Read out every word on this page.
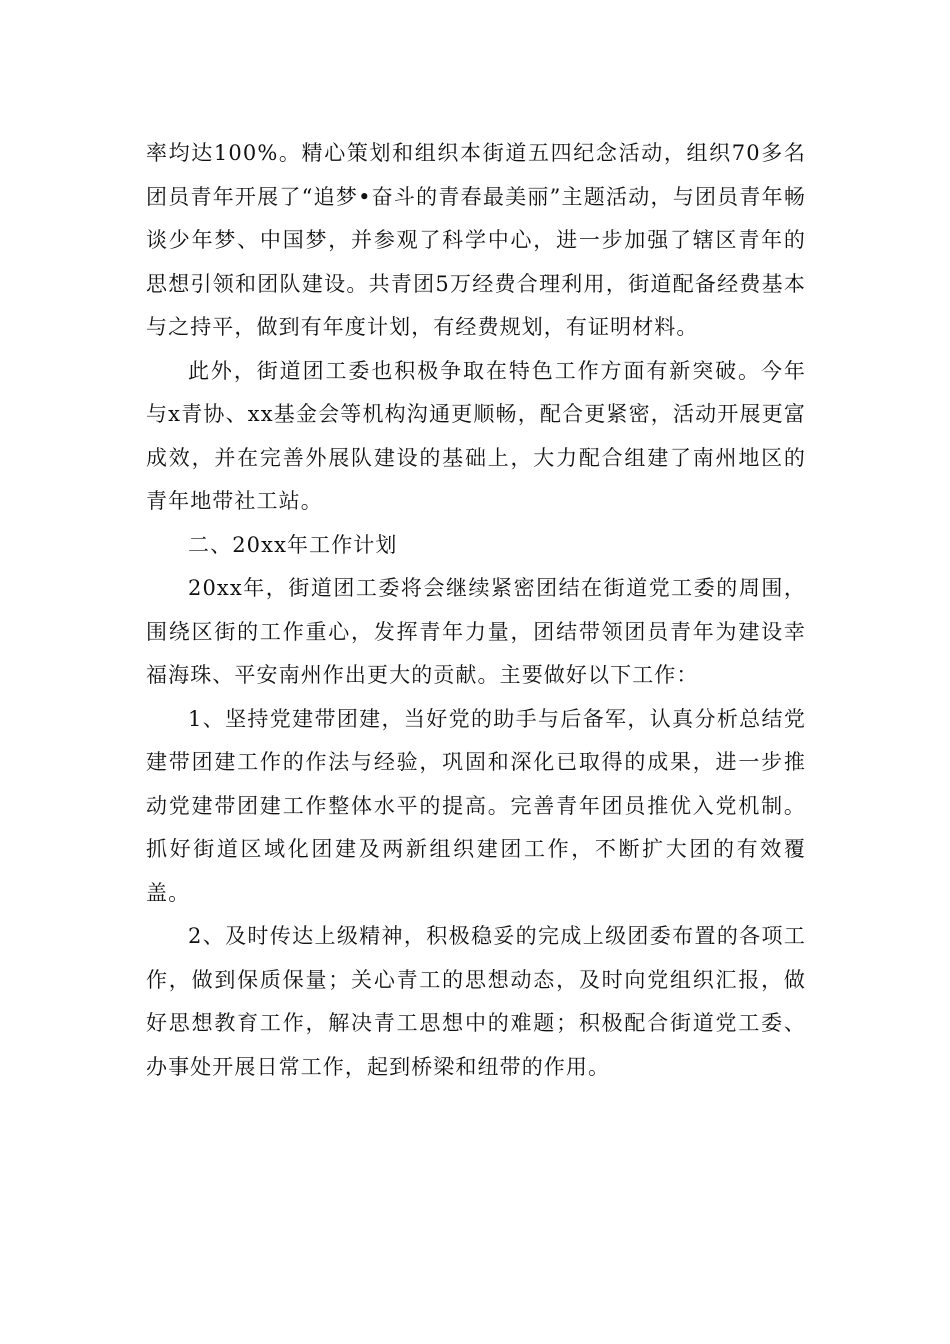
率均达100%。精心策划和组织本街道五四纪念活动，组织70多名团员青年开展了“追梦•奋斗的青春最美丽”主题活动，与团员青年畅谈少年梦、中国梦，并参观了科学中心，进一步加强了辖区青年的思想引领和团队建设。共青团5万经费合理利用，街道配备经费基本与之持平，做到有年度计划，有经费规划，有证明材料。

此外，街道团工委也积极争取在特色工作方面有新突破。今年与x青协、xx基金会等机构沟通更顺畅，配合更紧密，活动开展更富成效，并在完善外展队建设的基础上，大力配合组建了南州地区的青年地带社工站。

二、20xx年工作计划

20xx年，街道团工委将会继续紧密团结在街道党工委的周围，围绕区街的工作重心，发挥青年力量，团结带领团员青年为建设幸福海珠、平安南州作出更大的贡献。主要做好以下工作：

1、坚持党建带团建，当好党的助手与后备军，认真分析总结党建带团建工作的作法与经验，巩固和深化已取得的成果，进一步推动党建带团建工作整体水平的提高。完善青年团员推优入党机制。抓好街道区域化团建及两新组织建团工作，不断扩大团的有效覆盖。

2、及时传达上级精神，积极稳妥的完成上级团委布置的各项工作，做到保质保量；关心青工的思想动态，及时向党组织汇报，做好思想教育工作，解决青工思想中的难题；积极配合街道党工委、办事处开展日常工作，起到桥梁和纽带的作用。
